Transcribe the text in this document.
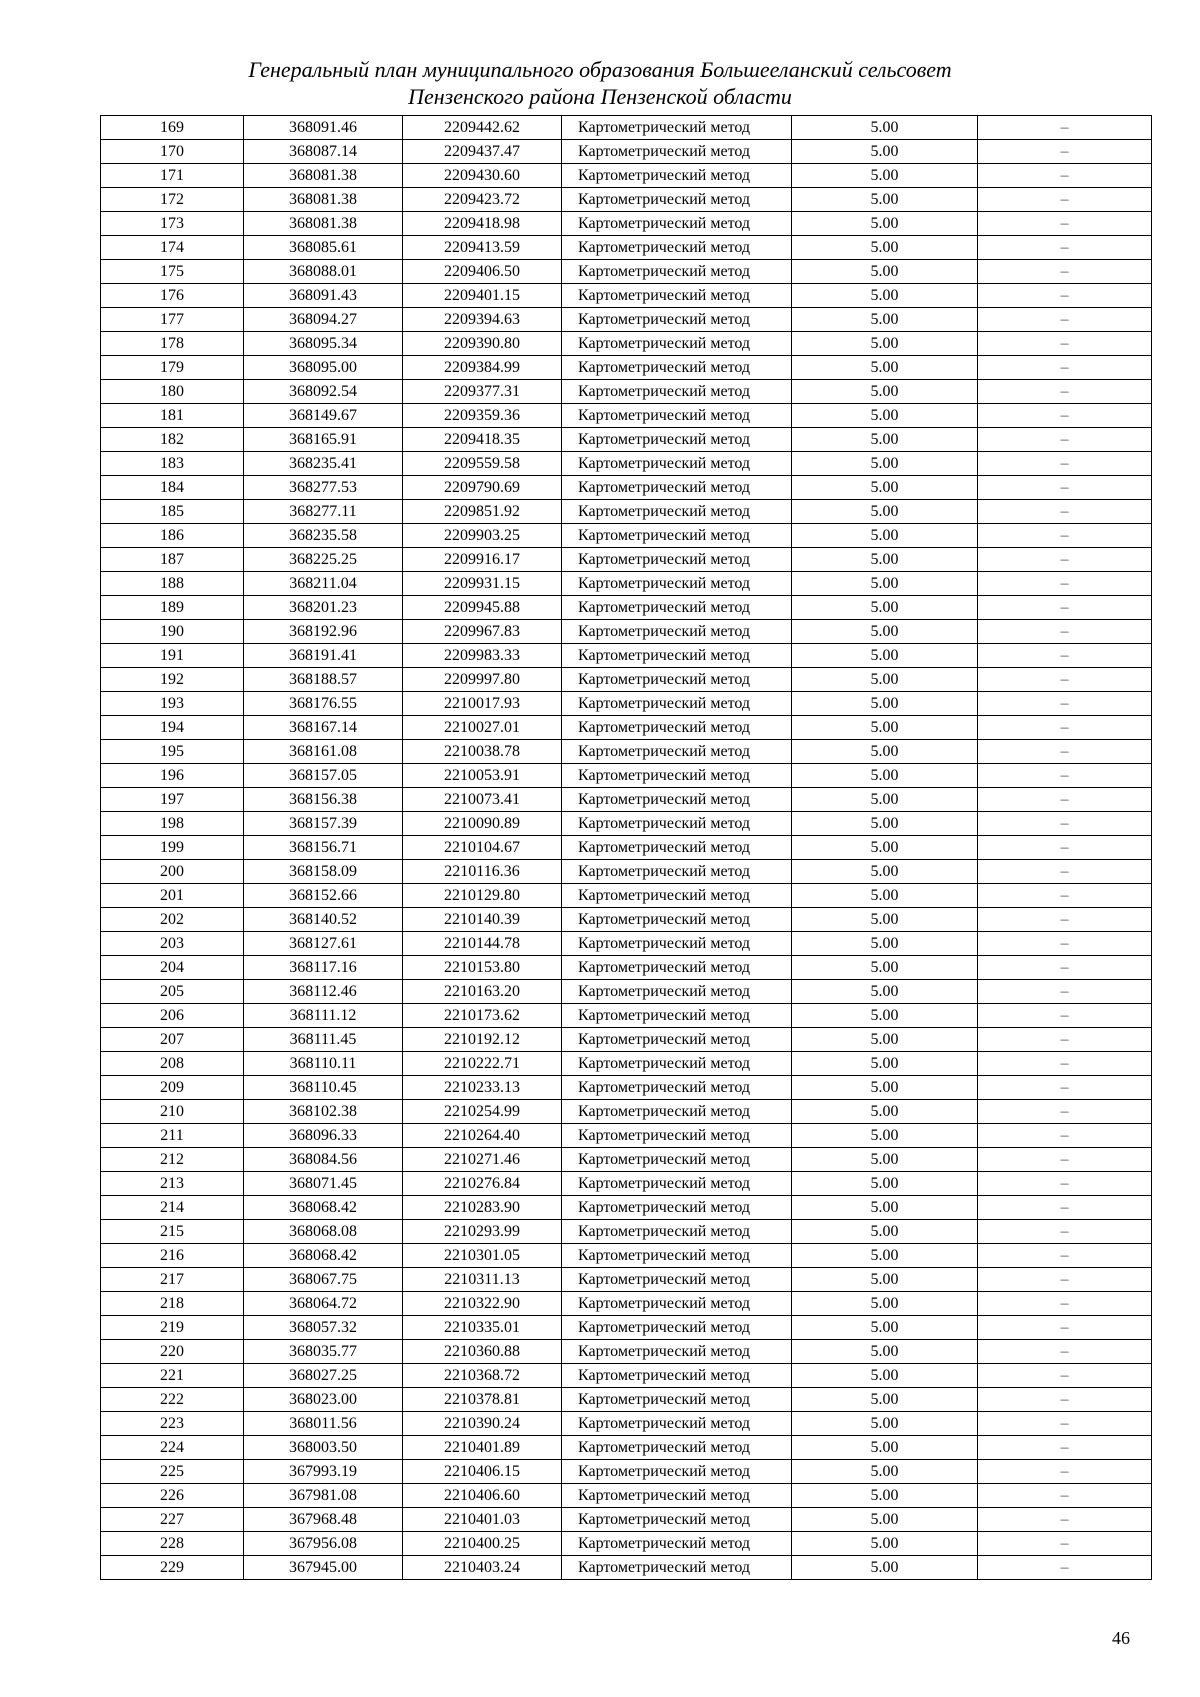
Генеральный план муниципального образования Большееланский сельсовет
Пензенского района Пензенской области
169	368091.46	2209442.62	Картометрический метод	5.00	–
170	368087.14	2209437.47	Картометрический метод	5.00	–
171	368081.38	2209430.60	Картометрический метод	5.00	–
172	368081.38	2209423.72	Картометрический метод	5.00	–
173	368081.38	2209418.98	Картометрический метод	5.00	–
174	368085.61	2209413.59	Картометрический метод	5.00	–
175	368088.01	2209406.50	Картометрический метод	5.00	–
176	368091.43	2209401.15	Картометрический метод	5.00	–
177	368094.27	2209394.63	Картометрический метод	5.00	–
178	368095.34	2209390.80	Картометрический метод	5.00	–
179	368095.00	2209384.99	Картометрический метод	5.00	–
180	368092.54	2209377.31	Картометрический метод	5.00	–
181	368149.67	2209359.36	Картометрический метод	5.00	–
182	368165.91	2209418.35	Картометрический метод	5.00	–
183	368235.41	2209559.58	Картометрический метод	5.00	–
184	368277.53	2209790.69	Картометрический метод	5.00	–
185	368277.11	2209851.92	Картометрический метод	5.00	–
186	368235.58	2209903.25	Картометрический метод	5.00	–
187	368225.25	2209916.17	Картометрический метод	5.00	–
188	368211.04	2209931.15	Картометрический метод	5.00	–
189	368201.23	2209945.88	Картометрический метод	5.00	–
190	368192.96	2209967.83	Картометрический метод	5.00	–
191	368191.41	2209983.33	Картометрический метод	5.00	–
192	368188.57	2209997.80	Картометрический метод	5.00	–
193	368176.55	2210017.93	Картометрический метод	5.00	–
194	368167.14	2210027.01	Картометрический метод	5.00	–
195	368161.08	2210038.78	Картометрический метод	5.00	–
196	368157.05	2210053.91	Картометрический метод	5.00	–
197	368156.38	2210073.41	Картометрический метод	5.00	–
198	368157.39	2210090.89	Картометрический метод	5.00	–
199	368156.71	2210104.67	Картометрический метод	5.00	–
200	368158.09	2210116.36	Картометрический метод	5.00	–
201	368152.66	2210129.80	Картометрический метод	5.00	–
202	368140.52	2210140.39	Картометрический метод	5.00	–
203	368127.61	2210144.78	Картометрический метод	5.00	–
204	368117.16	2210153.80	Картометрический метод	5.00	–
205	368112.46	2210163.20	Картометрический метод	5.00	–
206	368111.12	2210173.62	Картометрический метод	5.00	–
207	368111.45	2210192.12	Картометрический метод	5.00	–
208	368110.11	2210222.71	Картометрический метод	5.00	–
209	368110.45	2210233.13	Картометрический метод	5.00	–
210	368102.38	2210254.99	Картометрический метод	5.00	–
211	368096.33	2210264.40	Картометрический метод	5.00	–
212	368084.56	2210271.46	Картометрический метод	5.00	–
213	368071.45	2210276.84	Картометрический метод	5.00	–
214	368068.42	2210283.90	Картометрический метод	5.00	–
215	368068.08	2210293.99	Картометрический метод	5.00	–
216	368068.42	2210301.05	Картометрический метод	5.00	–
217	368067.75	2210311.13	Картометрический метод	5.00	–
218	368064.72	2210322.90	Картометрический метод	5.00	–
219	368057.32	2210335.01	Картометрический метод	5.00	–
220	368035.77	2210360.88	Картометрический метод	5.00	–
221	368027.25	2210368.72	Картометрический метод	5.00	–
222	368023.00	2210378.81	Картометрический метод	5.00	–
223	368011.56	2210390.24	Картометрический метод	5.00	–
224	368003.50	2210401.89	Картометрический метод	5.00	–
225	367993.19	2210406.15	Картометрический метод	5.00	–
226	367981.08	2210406.60	Картометрический метод	5.00	–
227	367968.48	2210401.03	Картометрический метод	5.00	–
228	367956.08	2210400.25	Картометрический метод	5.00	–
229	367945.00	2210403.24	Картометрический метод	5.00	–
46
